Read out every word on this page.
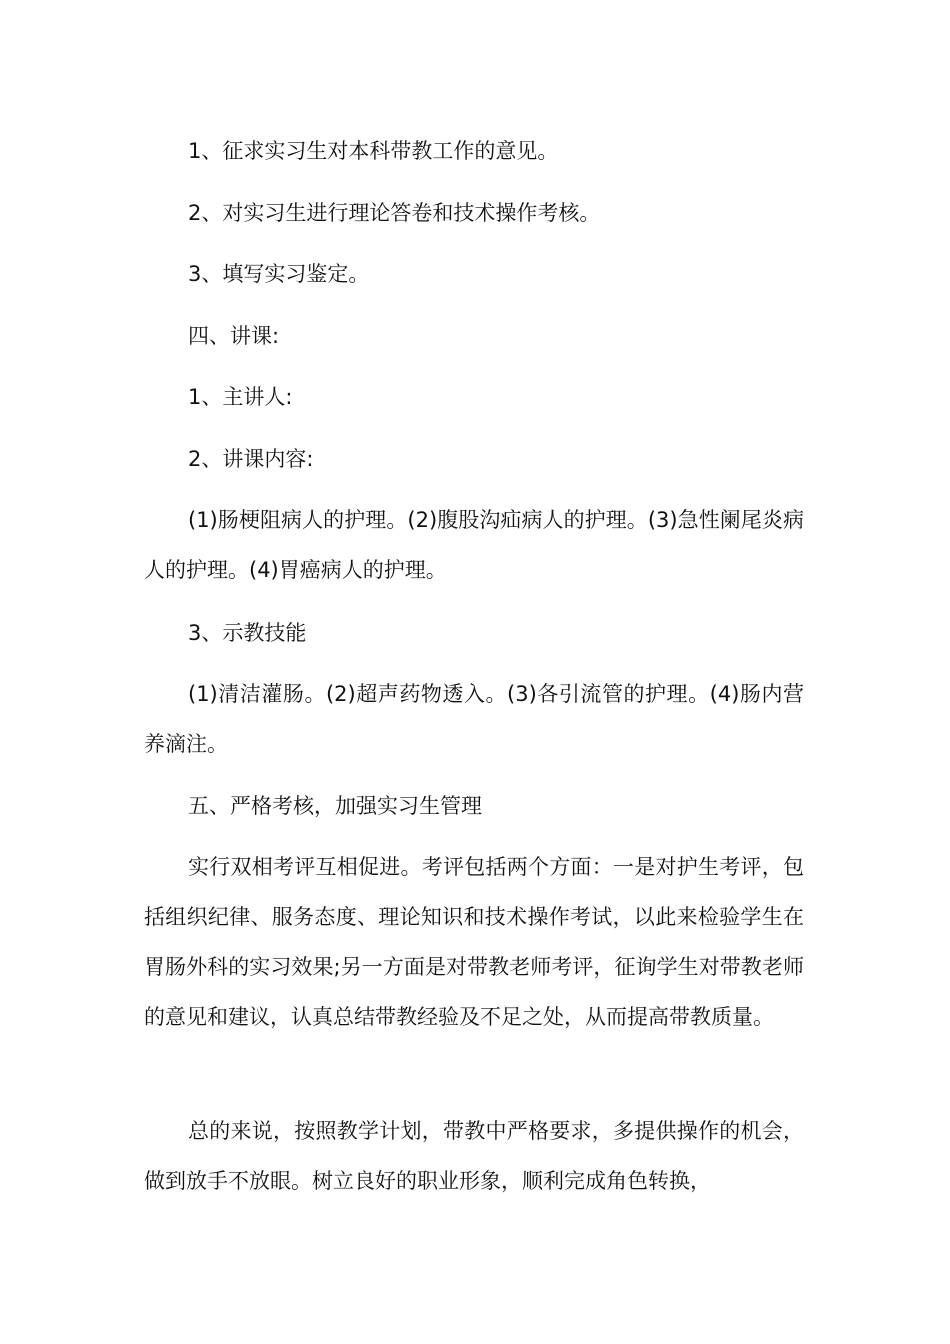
1、征求实习生对本科带教工作的意见。

2、对实习生进行理论答卷和技术操作考核。

3、填写实习鉴定。

四、讲课:

1、主讲人:

2、讲课内容:

(1)肠梗阻病人的护理。(2)腹股沟疝病人的护理。(3)急性阑尾炎病人的护理。(4)胃癌病人的护理。

3、示教技能

(1)清洁灌肠。(2)超声药物透入。(3)各引流管的护理。(4)肠内营养滴注。

五、严格考核，加强实习生管理

实行双相考评互相促进。考评包括两个方面：一是对护生考评，包括组织纪律、服务态度、理论知识和技术操作考试，以此来检验学生在胃肠外科的实习效果;另一方面是对带教老师考评，征询学生对带教老师的意见和建议，认真总结带教经验及不足之处，从而提高带教质量。

总的来说，按照教学计划，带教中严格要求，多提供操作的机会，做到放手不放眼。树立良好的职业形象，顺利完成角色转换，
